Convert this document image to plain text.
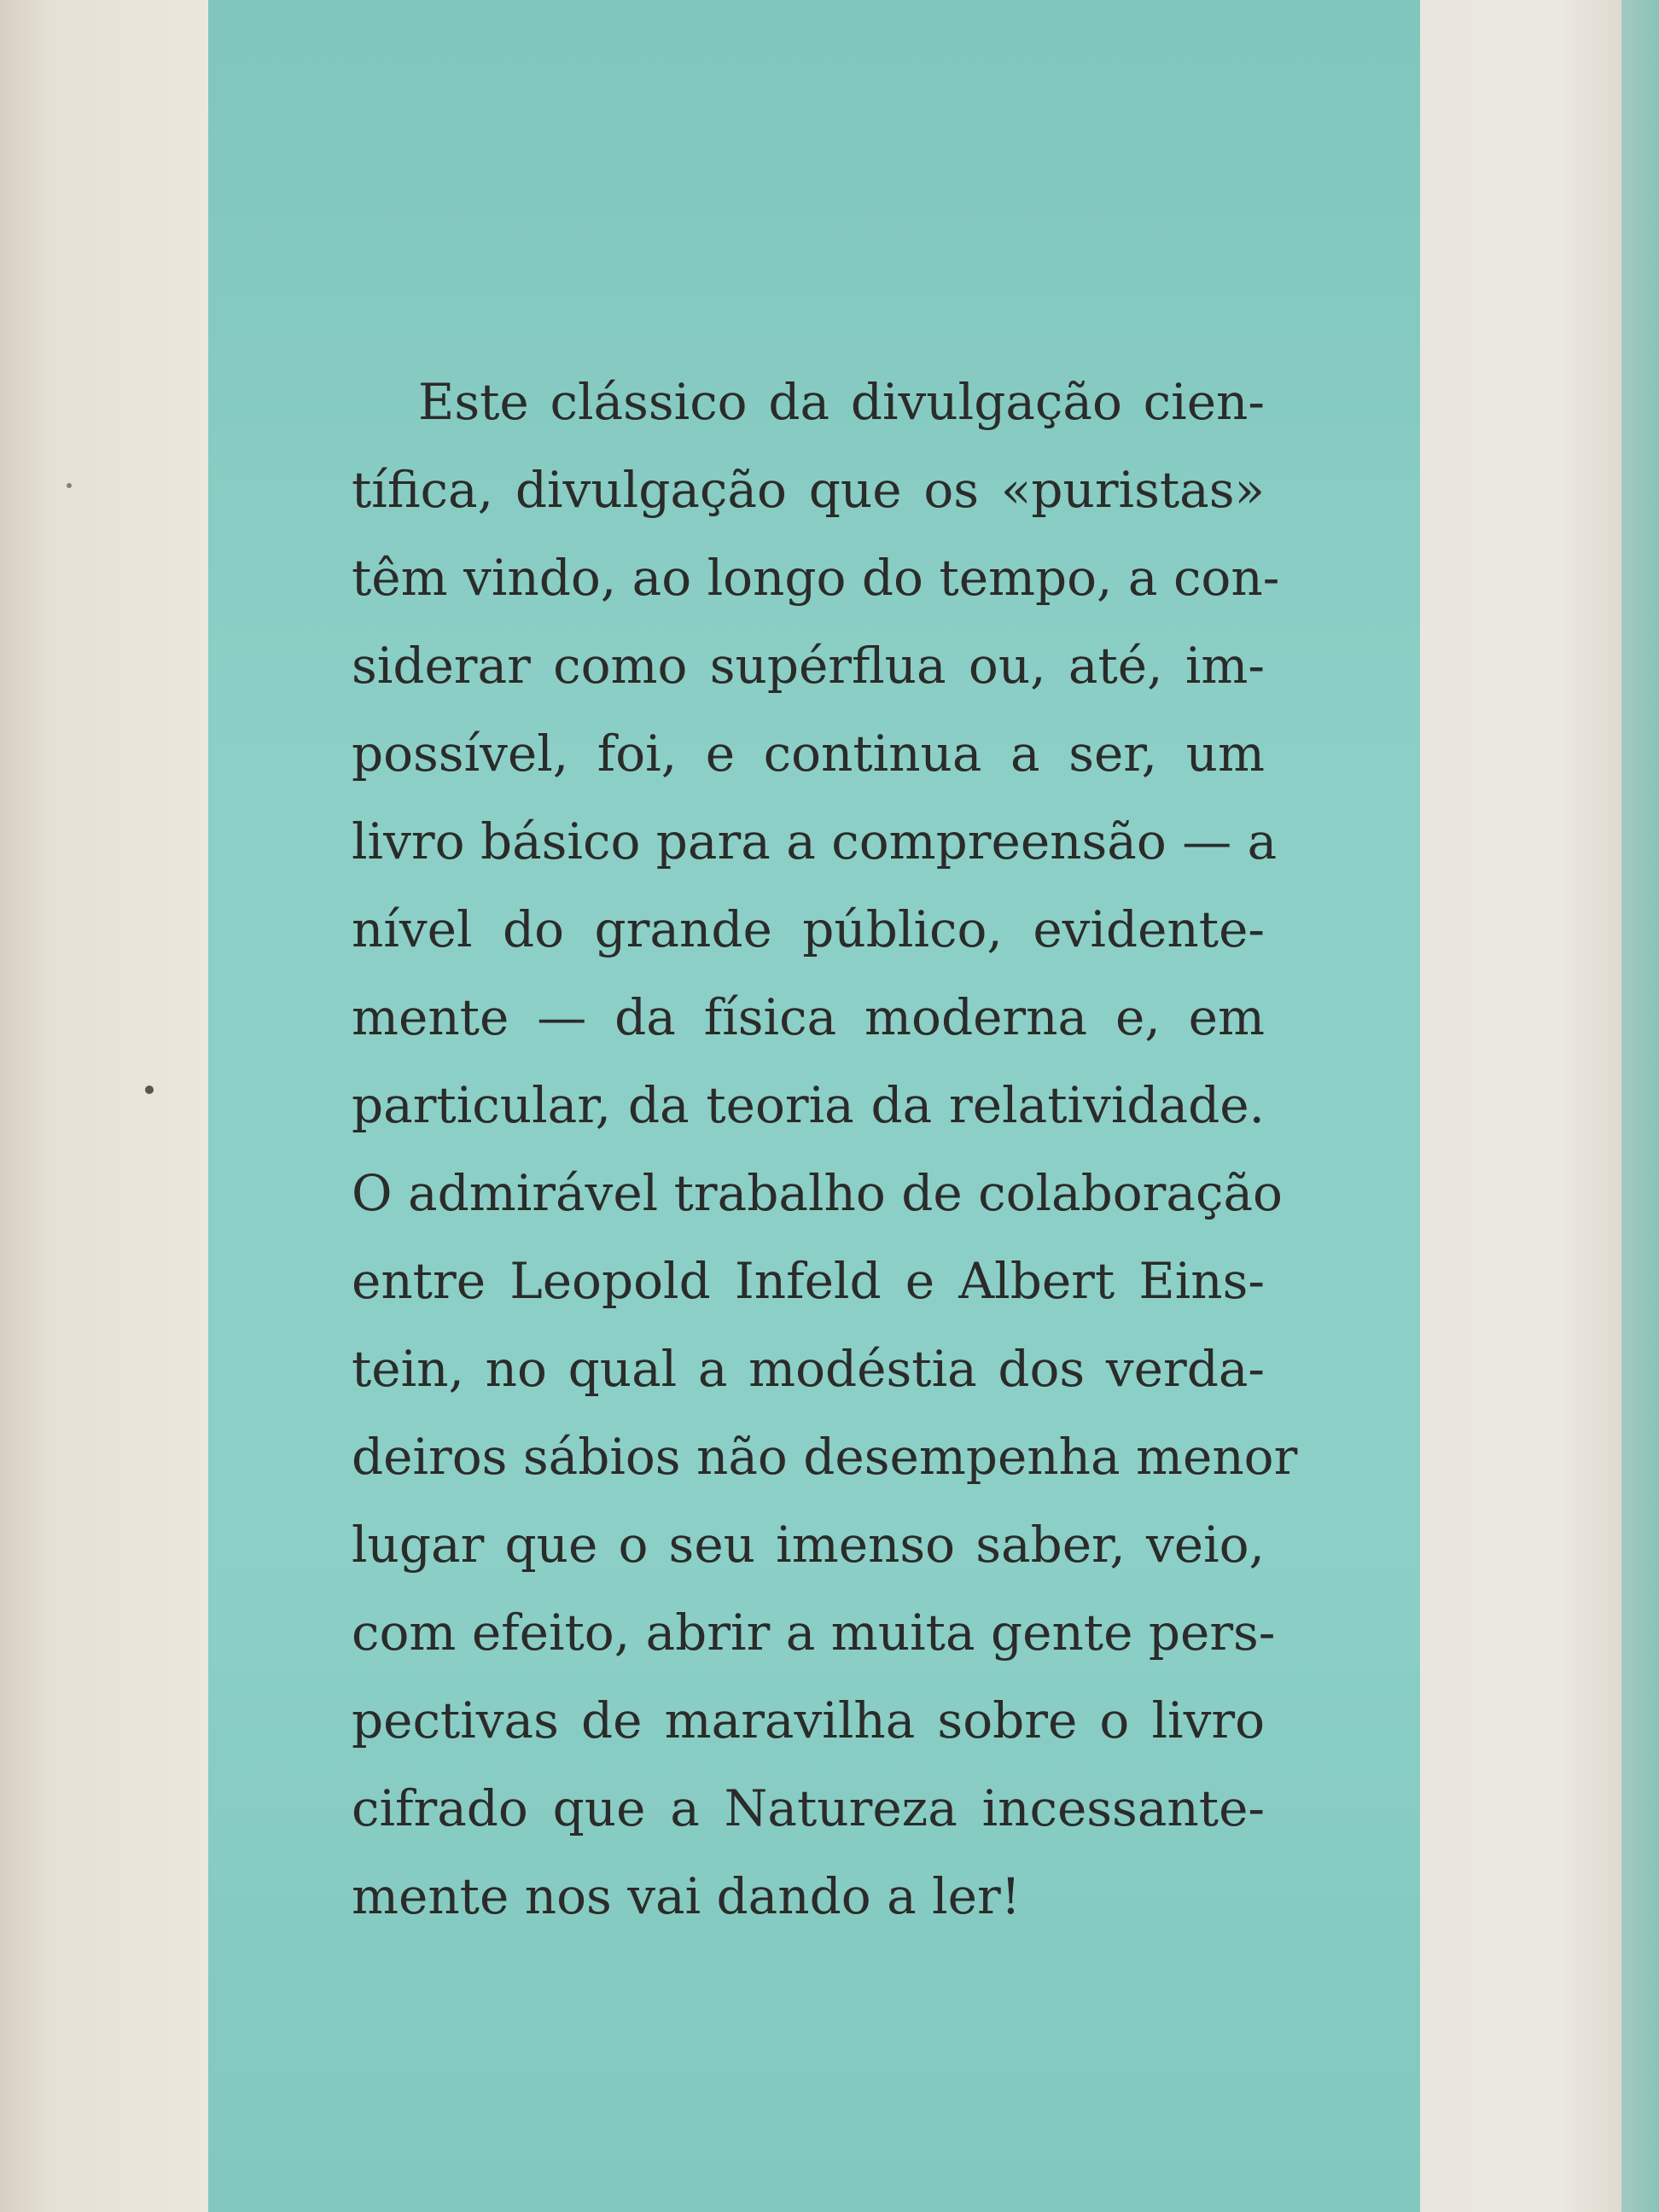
Este clássico da divulgação cien-
tífica, divulgação que os «puristas»
têm vindo, ao longo do tempo, a con-
siderar como supérflua ou, até, im-
possível, foi, e continua a ser, um
livro básico para a compreensão — a
nível do grande público, evidente-
mente — da física moderna e, em
particular, da teoria da relatividade.
O admirável trabalho de colaboração
entre Leopold Infeld e Albert Eins-
tein, no qual a modéstia dos verda-
deiros sábios não desempenha menor
lugar que o seu imenso saber, veio,
com efeito, abrir a muita gente pers-
pectivas de maravilha sobre o livro
cifrado que a Natureza incessante-
mente nos vai dando a ler!
